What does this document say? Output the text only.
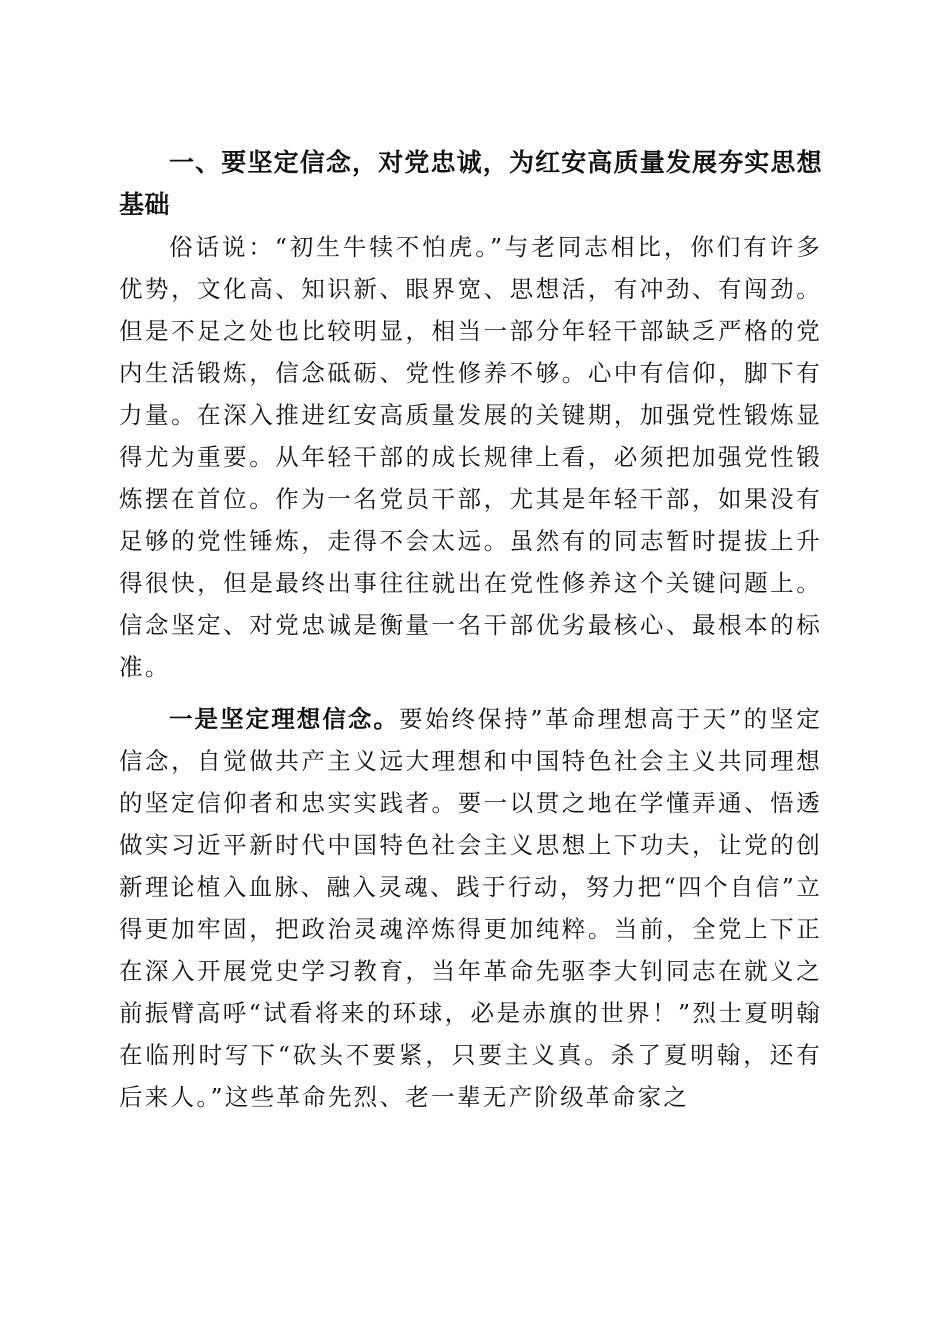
一、要坚定信念，对党忠诚，为红安高质量发展夯实思想基础

俗话说：“初生牛犊不怕虎。”与老同志相比，你们有许多优势，文化高、知识新、眼界宽、思想活，有冲劲、有闯劲。但是不足之处也比较明显，相当一部分年轻干部缺乏严格的党内生活锻炼，信念砥砺、党性修养不够。心中有信仰，脚下有力量。在深入推进红安高质量发展的关键期，加强党性锻炼显得尤为重要。从年轻干部的成长规律上看，必须把加强党性锻炼摆在首位。作为一名党员干部，尤其是年轻干部，如果没有足够的党性锤炼，走得不会太远。虽然有的同志暂时提拔上升得很快，但是最终出事往往就出在党性修养这个关键问题上。信念坚定、对党忠诚是衡量一名干部优劣最核心、最根本的标准。

一是坚定理想信念。要始终保持”革命理想高于天”的坚定信念，自觉做共产主义远大理想和中国特色社会主义共同理想的坚定信仰者和忠实实践者。要一以贯之地在学懂弄通、悟透做实习近平新时代中国特色社会主义思想上下功夫，让党的创新理论植入血脉、融入灵魂、践于行动，努力把“四个自信”立得更加牢固，把政治灵魂淬炼得更加纯粹。当前，全党上下正在深入开展党史学习教育，当年革命先驱李大钊同志在就义之前振臂高呼“试看将来的环球，必是赤旗的世界！”烈士夏明翰在临刑时写下“砍头不要紧，只要主义真。杀了夏明翰，还有后来人。”这些革命先烈、老一辈无产阶级革命家之
